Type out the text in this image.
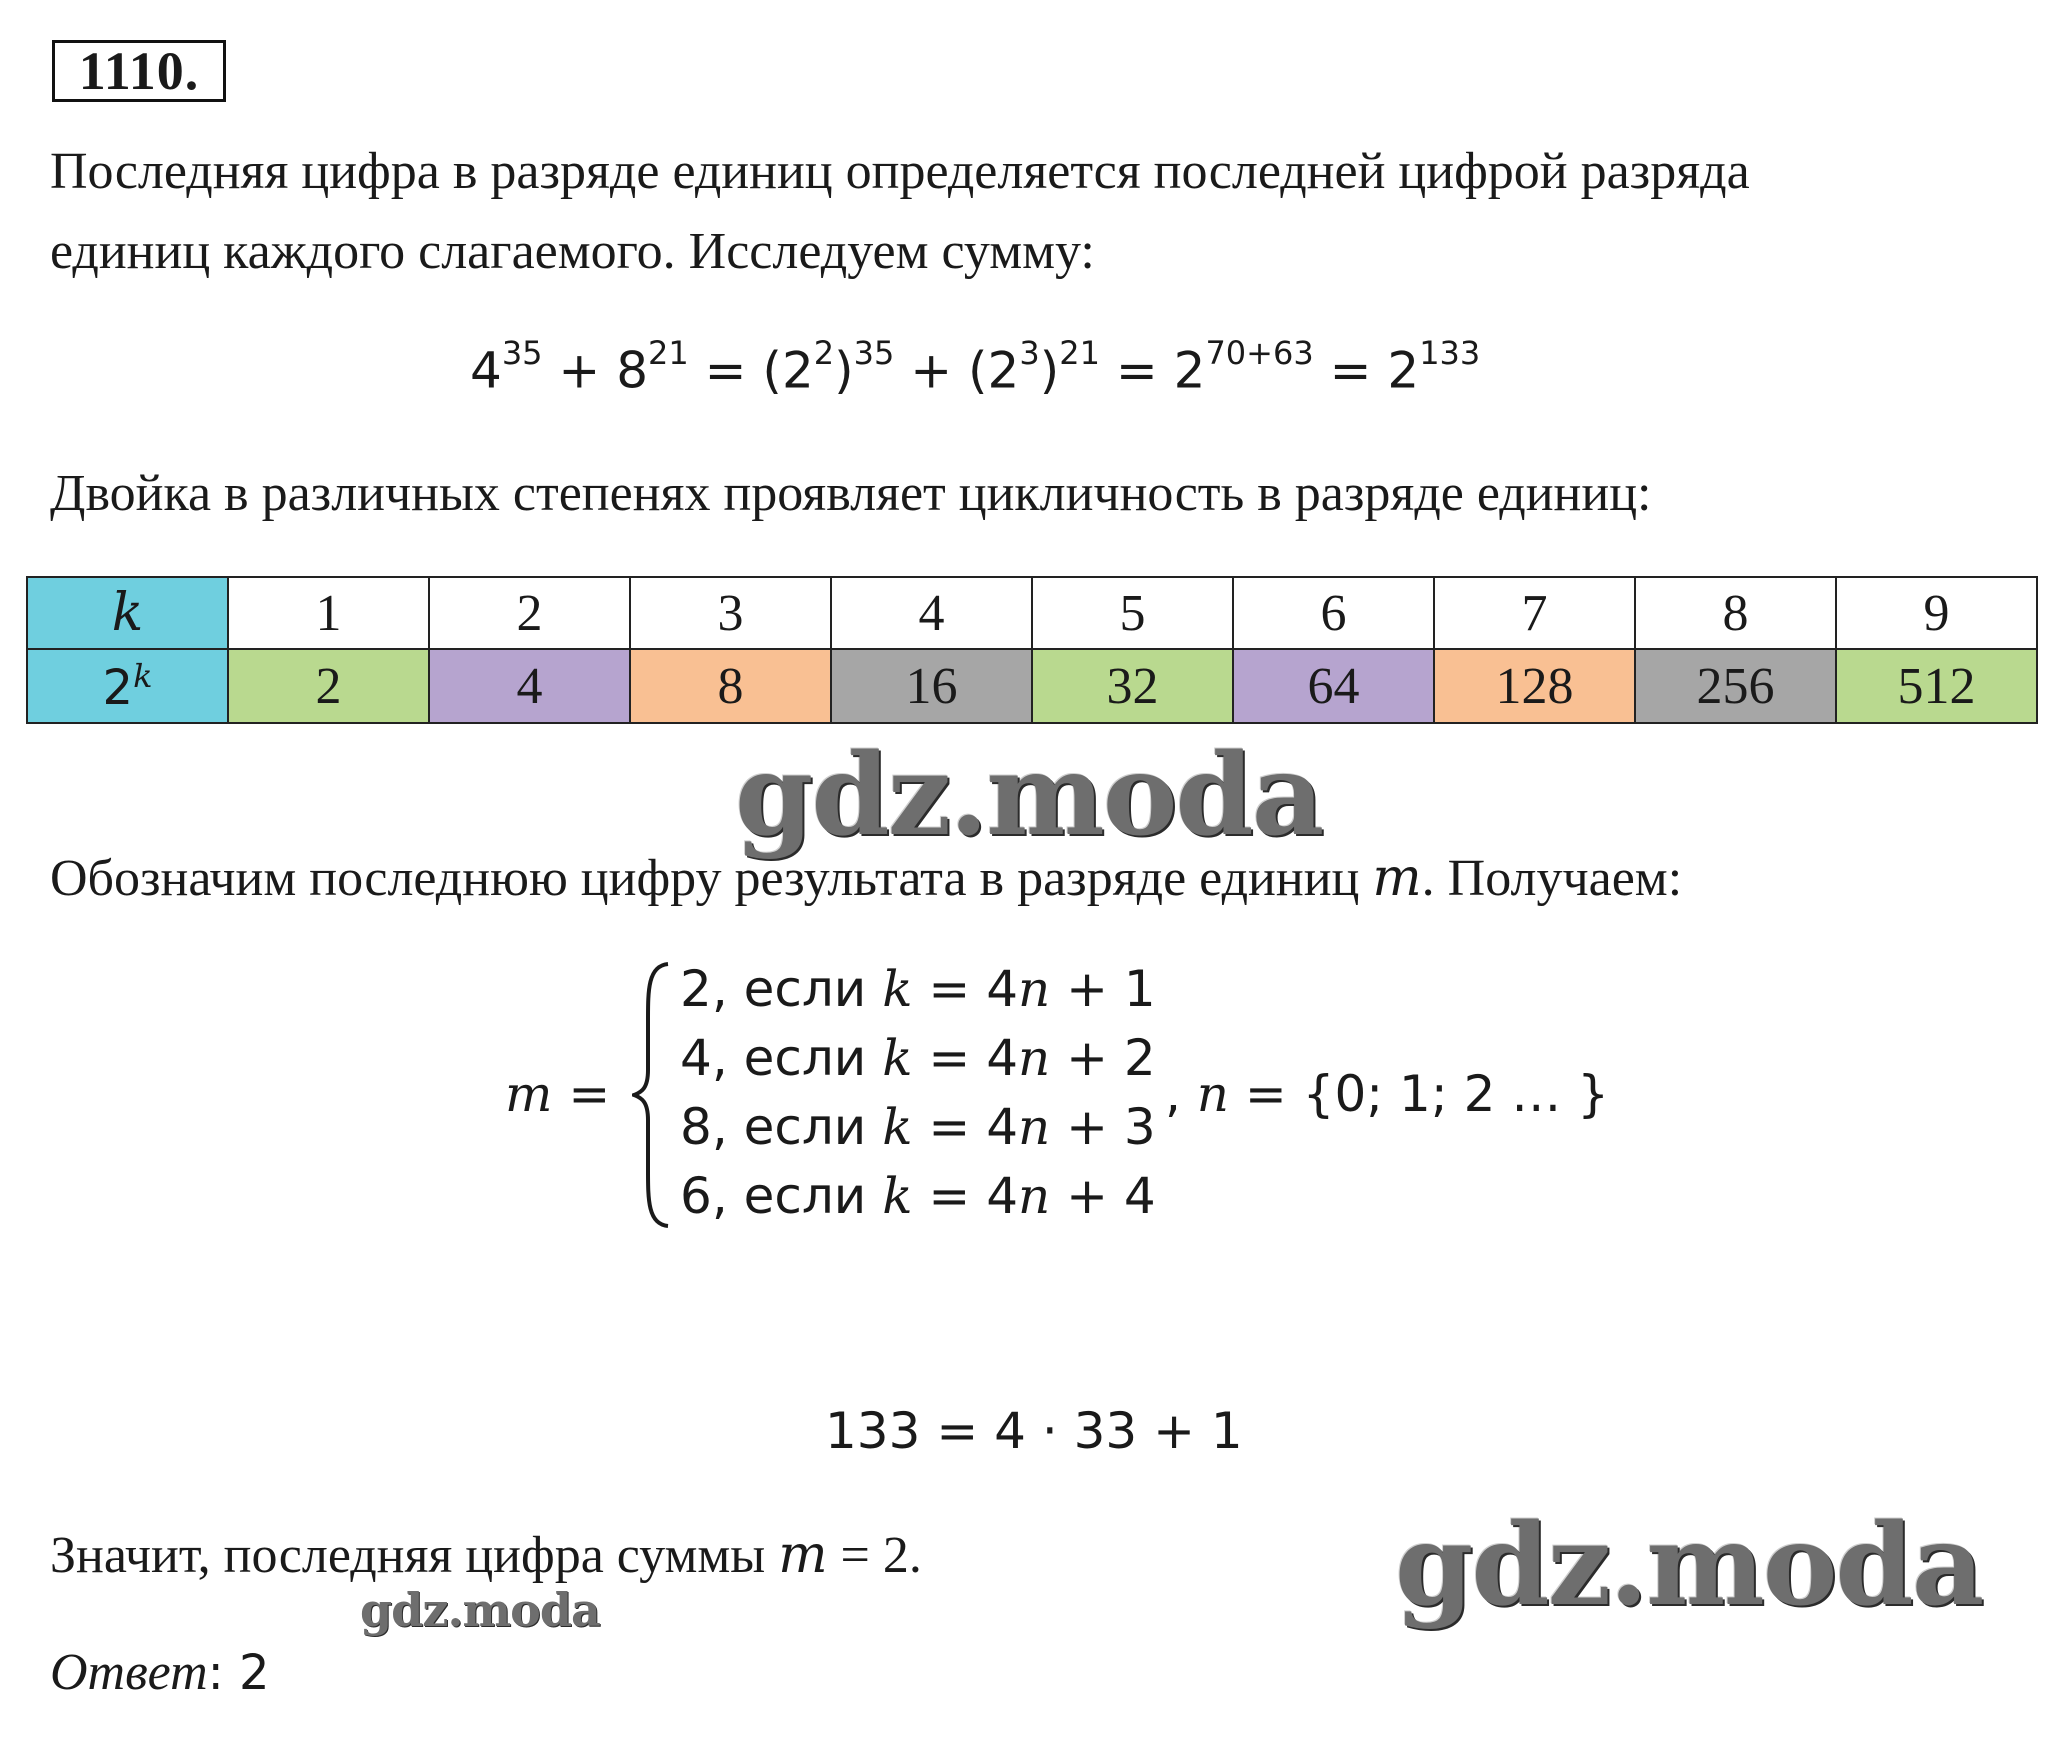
1110.
Последняя цифра в разряде единиц определяется последней цифрой разряда
единиц каждого слагаемого. Исследуем сумму:
$4^{35} + 8^{21} = (2^2)^{35} + (2^3)^{21} = 2^{70+63} = 2^{133}$
Двойка в различных степенях проявляет цикличность в разряде единиц:
k	1	2	3	4	5	6	7	8	9
2$^k$	2	4	8	16	32	64	128	256	512
gdz.moda
Обозначим последнюю цифру результата в разряде единиц m. Получаем:
m =
2, если k = 4n + 1
4, если k = 4n + 2
8, если k = 4n + 3
6, если k = 4n + 4
, n = {0; 1; 2 … }
133 = 4 · 33 + 1
Значит, последняя цифра суммы m = 2.	gdz.moda
gdz.moda
Ответ: 2
